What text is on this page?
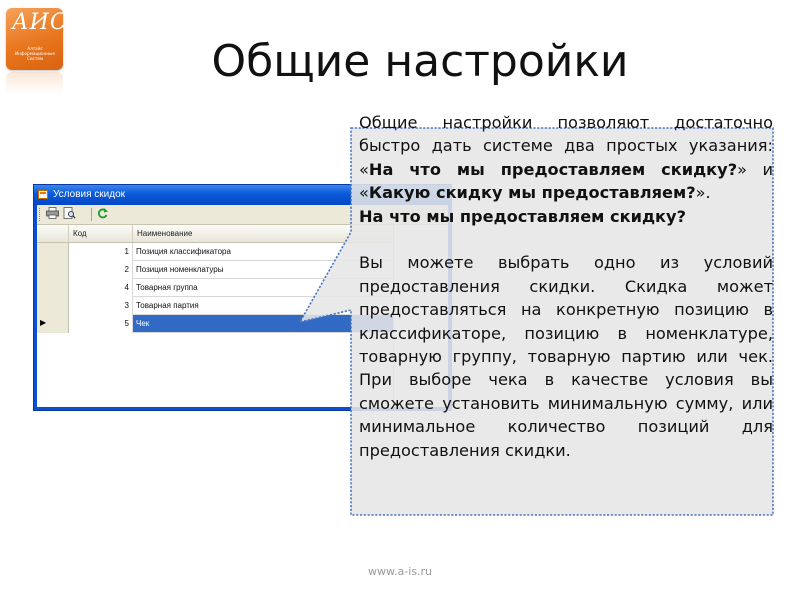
АИС
Алтайс
Информационные
Систем	Общие настройки
Условия скидок
Код	Наименование
1 Позиция классификатора
2 Позиция номенклатуры
4 Товарная группа
3 Товарная партия
▶	5 Чек

Общие настройки позволяют достаточно быстро дать системе два простых указания: «На что мы предоставляем скидку?» и «Какую скидку мы предоставляем?».

На что мы предоставляем скидку?

Вы можете выбрать одно из условий предоставления скидки. Скидка может предоставляться на конкретную позицию в классификаторе, позицию в номенклатуре, товарную группу, товарную партию или чек. При выборе чека в качестве условия вы сможете установить минимальную сумму, или минимальное количество позиций для предоставления скидки.

www.a-is.ru
